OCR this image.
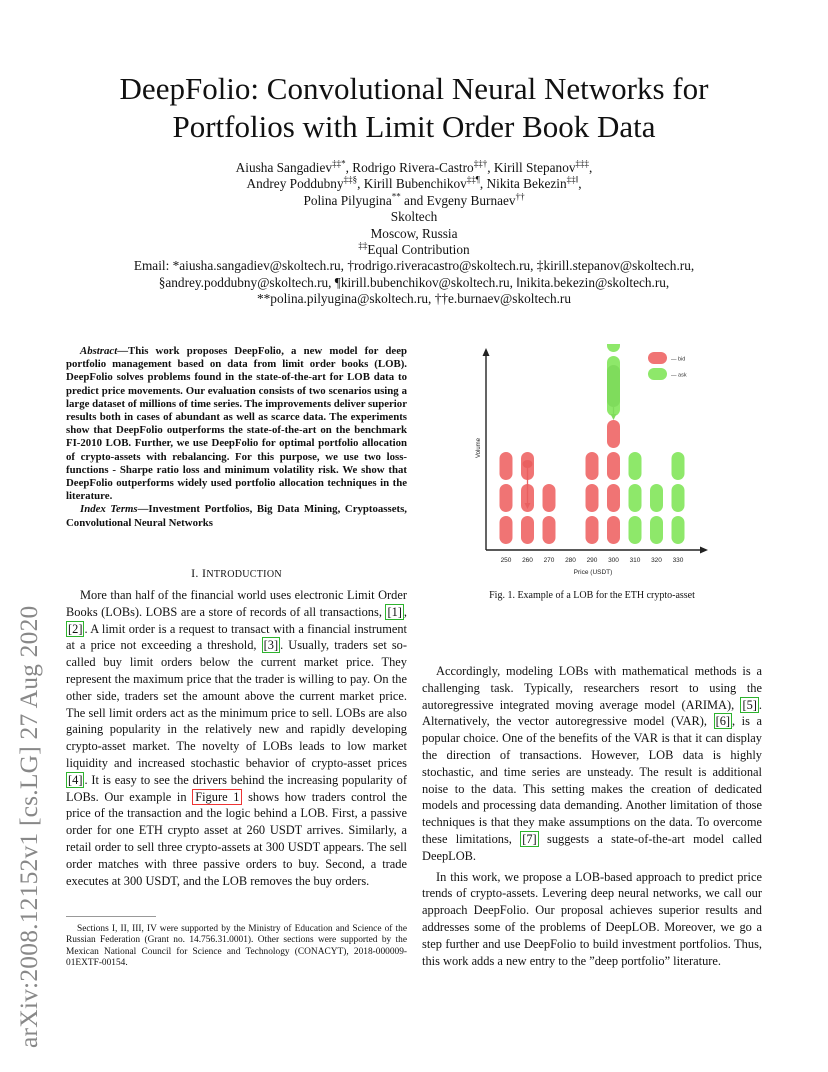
arXiv:2008.12152v1 [cs.LG] 27 Aug 2020
DeepFolio: Convolutional Neural Networks for
Portfolios with Limit Order Book Data
Aiusha Sangadiev‡‡*, Rodrigo Rivera-Castro‡‡†, Kirill Stepanov‡‡‡,
Andrey Poddubny‡‡§, Kirill Bubenchikov‡‡¶, Nikita Bekezin‡‡‖,
Polina Pilyugina** and Evgeny Burnaev††
Skoltech
Moscow, Russia
‡‡Equal Contribution
Email: *aiusha.sangadiev@skoltech.ru, †rodrigo.riveracastro@skoltech.ru, ‡kirill.stepanov@skoltech.ru,
§andrey.poddubny@skoltech.ru, ¶kirill.bubenchikov@skoltech.ru, ‖nikita.bekezin@skoltech.ru,
**polina.pilyugina@skoltech.ru, ††e.burnaev@skoltech.ru

Abstract—This work proposes DeepFolio, a new model for deep portfolio management based on data from limit order books (LOB). DeepFolio solves problems found in the state-of-the-art for LOB data to predict price movements. Our evaluation consists of two scenarios using a large dataset of millions of time series. The improvements deliver superior results both in cases of abundant as well as scarce data. The experiments show that DeepFolio outperforms the state-of-the-art on the benchmark FI-2010 LOB. Further, we use DeepFolio for optimal portfolio allocation of crypto-assets with rebalancing. For this purpose, we use two loss-functions - Sharpe ratio loss and minimum volatility risk. We show that DeepFolio outperforms widely used portfolio allocation techniques in the literature.

Index Terms—Investment Portfolios, Big Data Mining, Cryptoassets, Convolutional Neural Networks

I. INTRODUCTION

More than half of the financial world uses electronic Limit Order Books (LOBs). LOBS are a store of records of all transactions, [1] , [2] . A limit order is a request to transact with a financial instrument at a price not exceeding a threshold, [3] . Usually, traders set so-called buy limit orders below the current market price. They represent the maximum price that the trader is willing to pay. On the other side, traders set the amount above the current market price. The sell limit orders act as the minimum price to sell. LOBs are also gaining popularity in the relatively new and rapidly developing crypto-asset market. The novelty of LOBs leads to low market liquidity and increased stochastic behavior of crypto-asset prices [4] . It is easy to see the drivers behind the increasing popularity of LOBs. Our example in Figure 1 shows how traders control the price of the transaction and the logic behind a LOB. First, a passive order for one ETH crypto asset at 260 USDT arrives. Similarly, a retail order to sell three crypto-assets at 300 USDT appears. The sell order matches with three passive orders to buy. Second, a trade executes at 300 USDT, and the LOB removes the buy orders.

Sections I, II, III, IV were supported by the Ministry of Education and Science of the Russian Federation (Grant no. 14.756.31.0001). Other sections were supported by the Mexican National Council for Science and Technology (CONACYT), 2018-000009-01EXTF-00154.

Volume
Price (USDT)
250 260 270 280 290 300 310 320 330
— bid
— ask
Fig. 1. Example of a LOB for the ETH crypto-asset

Accordingly, modeling LOBs with mathematical methods is a challenging task. Typically, researchers resort to using the autoregressive integrated moving average model (ARIMA), [5] . Alternatively, the vector autoregressive model (VAR), [6] , is a popular choice. One of the benefits of the VAR is that it can display the direction of transactions. However, LOB data is highly stochastic, and time series are unsteady. The result is additional noise to the data. This setting makes the creation of dedicated models and processing data demanding. Another limitation of those techniques is that they make assumptions on the data. To overcome these limitations, [7] suggests a state-of-the-art model called DeepLOB.

In this work, we propose a LOB-based approach to predict price trends of crypto-assets. Levering deep neural networks, we call our approach DeepFolio. Our proposal achieves superior results and addresses some of the problems of DeepLOB. Moreover, we go a step further and use DeepFolio to build investment portfolios. Thus, this work adds a new entry to the ”deep portfolio” literature.
